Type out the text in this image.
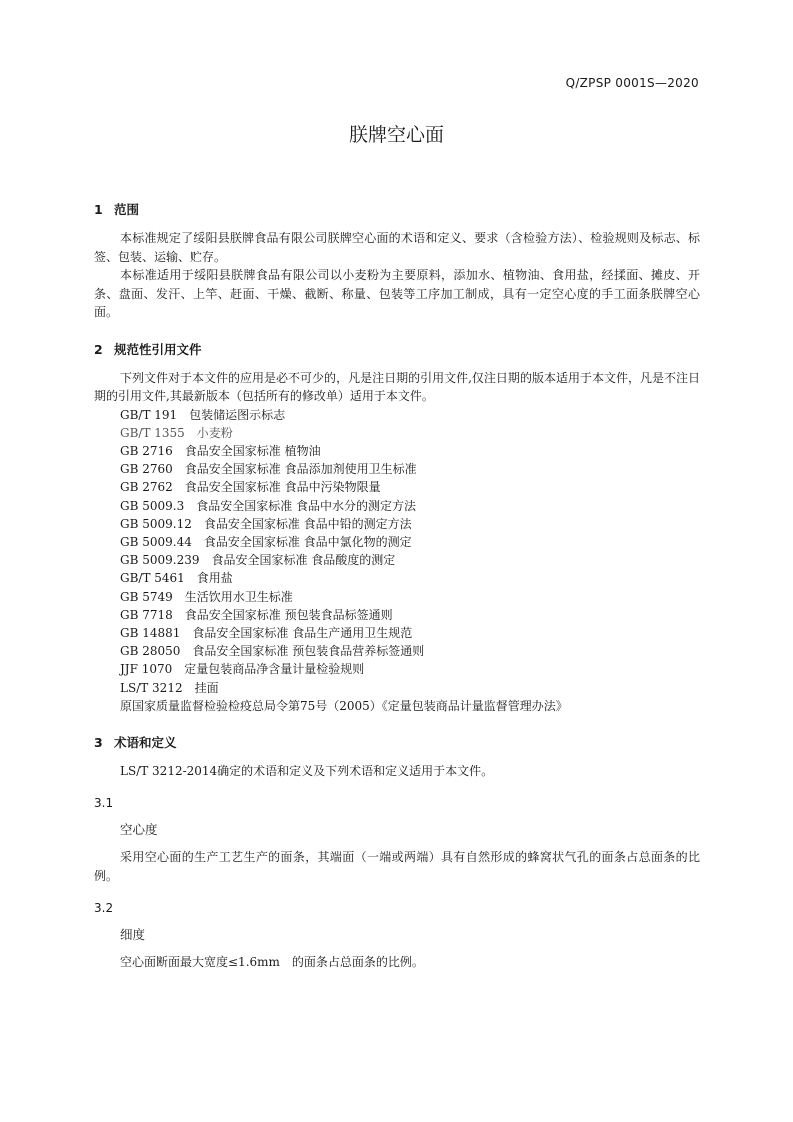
Q/ZPSP 0001S—2020
朕牌空心面
1 范围

本标准规定了绥阳县朕牌食品有限公司朕牌空心面的术语和定义、要求（含检验方法）、检验规则及标志、标签、包装、运输、贮存。

本标准适用于绥阳县朕牌食品有限公司以小麦粉为主要原料，添加水、植物油、食用盐，经揉面、摊皮、开条、盘面、发汗、上竿、赶面、干燥、截断、称量、包装等工序加工制成，具有一定空心度的手工面条朕牌空心面。

2 规范性引用文件

下列文件对于本文件的应用是必不可少的，凡是注日期的引用文件,仅注日期的版本适用于本文件，凡是不注日期的引用文件,其最新版本（包括所有的修改单）适用于本文件。

GB/T 191　包装储运图示标志
GB/T 1355　小麦粉
GB 2716　食品安全国家标准 植物油
GB 2760　食品安全国家标准 食品添加剂使用卫生标准
GB 2762　食品安全国家标准 食品中污染物限量
GB 5009.3　食品安全国家标准 食品中水分的测定方法
GB 5009.12　食品安全国家标准 食品中铅的测定方法
GB 5009.44　食品安全国家标准 食品中氯化物的测定
GB 5009.239　食品安全国家标准 食品酸度的测定
GB/T 5461　食用盐
GB 5749　生活饮用水卫生标准
GB 7718　食品安全国家标准 预包装食品标签通则
GB 14881　食品安全国家标准 食品生产通用卫生规范
GB 28050　食品安全国家标准 预包装食品营养标签通则
JJF 1070　定量包装商品净含量计量检验规则
LS/T 3212　挂面
原国家质量监督检验检疫总局令第75号（2005）《定量包装商品计量监督管理办法》
3 术语和定义

LS/T 3212-2014确定的术语和定义及下列术语和定义适用于本文件。

3.1

空心度

采用空心面的生产工艺生产的面条，其端面（一端或两端）具有自然形成的蜂窝状气孔的面条占总面条的比例。

3.2

细度

空心面断面最大宽度≤1.6mm　的面条占总面条的比例。
